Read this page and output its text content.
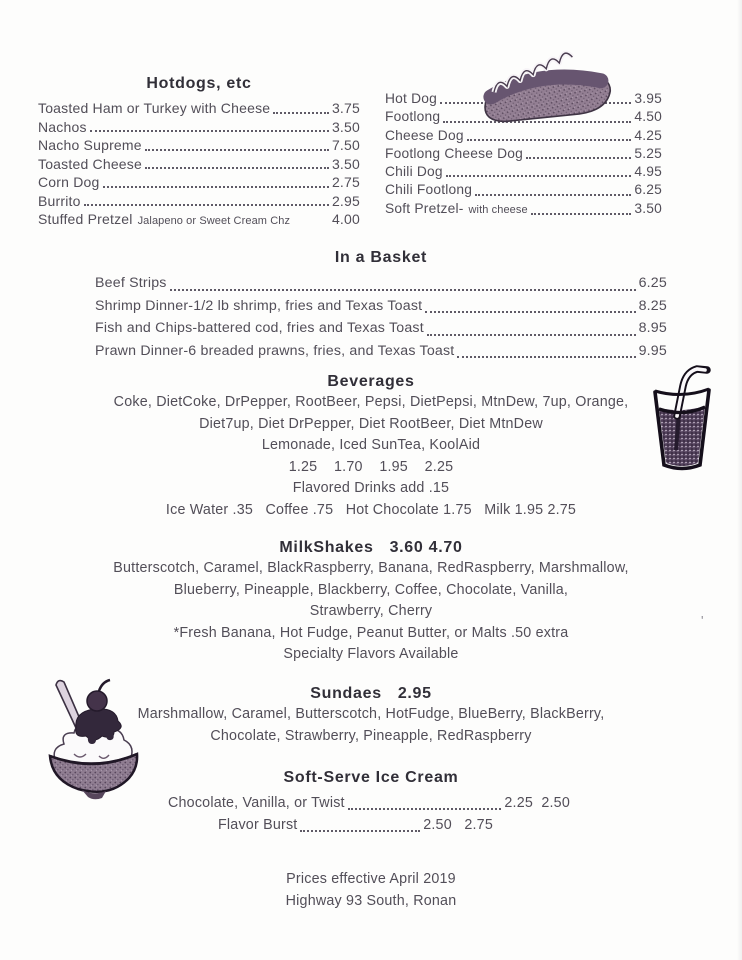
Hotdogs, etc
Toasted Ham or Turkey with Cheese	3.75
Nachos	3.50
Nacho Supreme	7.50
Toasted Cheese	3.50
Corn Dog	2.75
Burrito	2.95
Stuffed Pretzel Jalapeno or Sweet Cream Chz	4.00
Hot Dog	3.95
Footlong	4.50
Cheese Dog	4.25
Footlong Cheese Dog	5.25
Chili Dog	4.95
Chili Footlong	6.25
Soft Pretzel- with cheese	3.50
In a Basket
Beef Strips	6.25
Shrimp Dinner-1/2 lb shrimp, fries and Texas Toast	8.25
Fish and Chips-battered cod, fries and Texas Toast	8.95
Prawn Dinner-6 breaded prawns, fries, and Texas Toast	9.95
Beverages
Coke, DietCoke, DrPepper, RootBeer, Pepsi, DietPepsi, MtnDew, 7up, Orange,
Diet7up, Diet DrPepper, Diet RootBeer, Diet MtnDew
Lemonade, Iced SunTea, KoolAid
1.25    1.70    1.95    2.25
Flavored Drinks add .15
Ice Water .35   Coffee .75   Hot Chocolate 1.75   Milk 1.95 2.75
MilkShakes 3.60 4.70
Butterscotch, Caramel, BlackRaspberry, Banana, RedRaspberry, Marshmallow,
Blueberry, Pineapple, Blackberry, Coffee, Chocolate, Vanilla,
Strawberry, Cherry
*Fresh Banana, Hot Fudge, Peanut Butter, or Malts .50 extra
Specialty Flavors Available
Sundaes 2.95
Marshmallow, Caramel, Butterscotch, HotFudge, BlueBerry, BlackBerry,
Chocolate, Strawberry, Pineapple, RedRaspberry
Soft-Serve Ice Cream
Chocolate, Vanilla, or Twist	2.25  2.50
Flavor Burst	2.50   2.75
Prices effective April 2019
Highway 93 South, Ronan
'
